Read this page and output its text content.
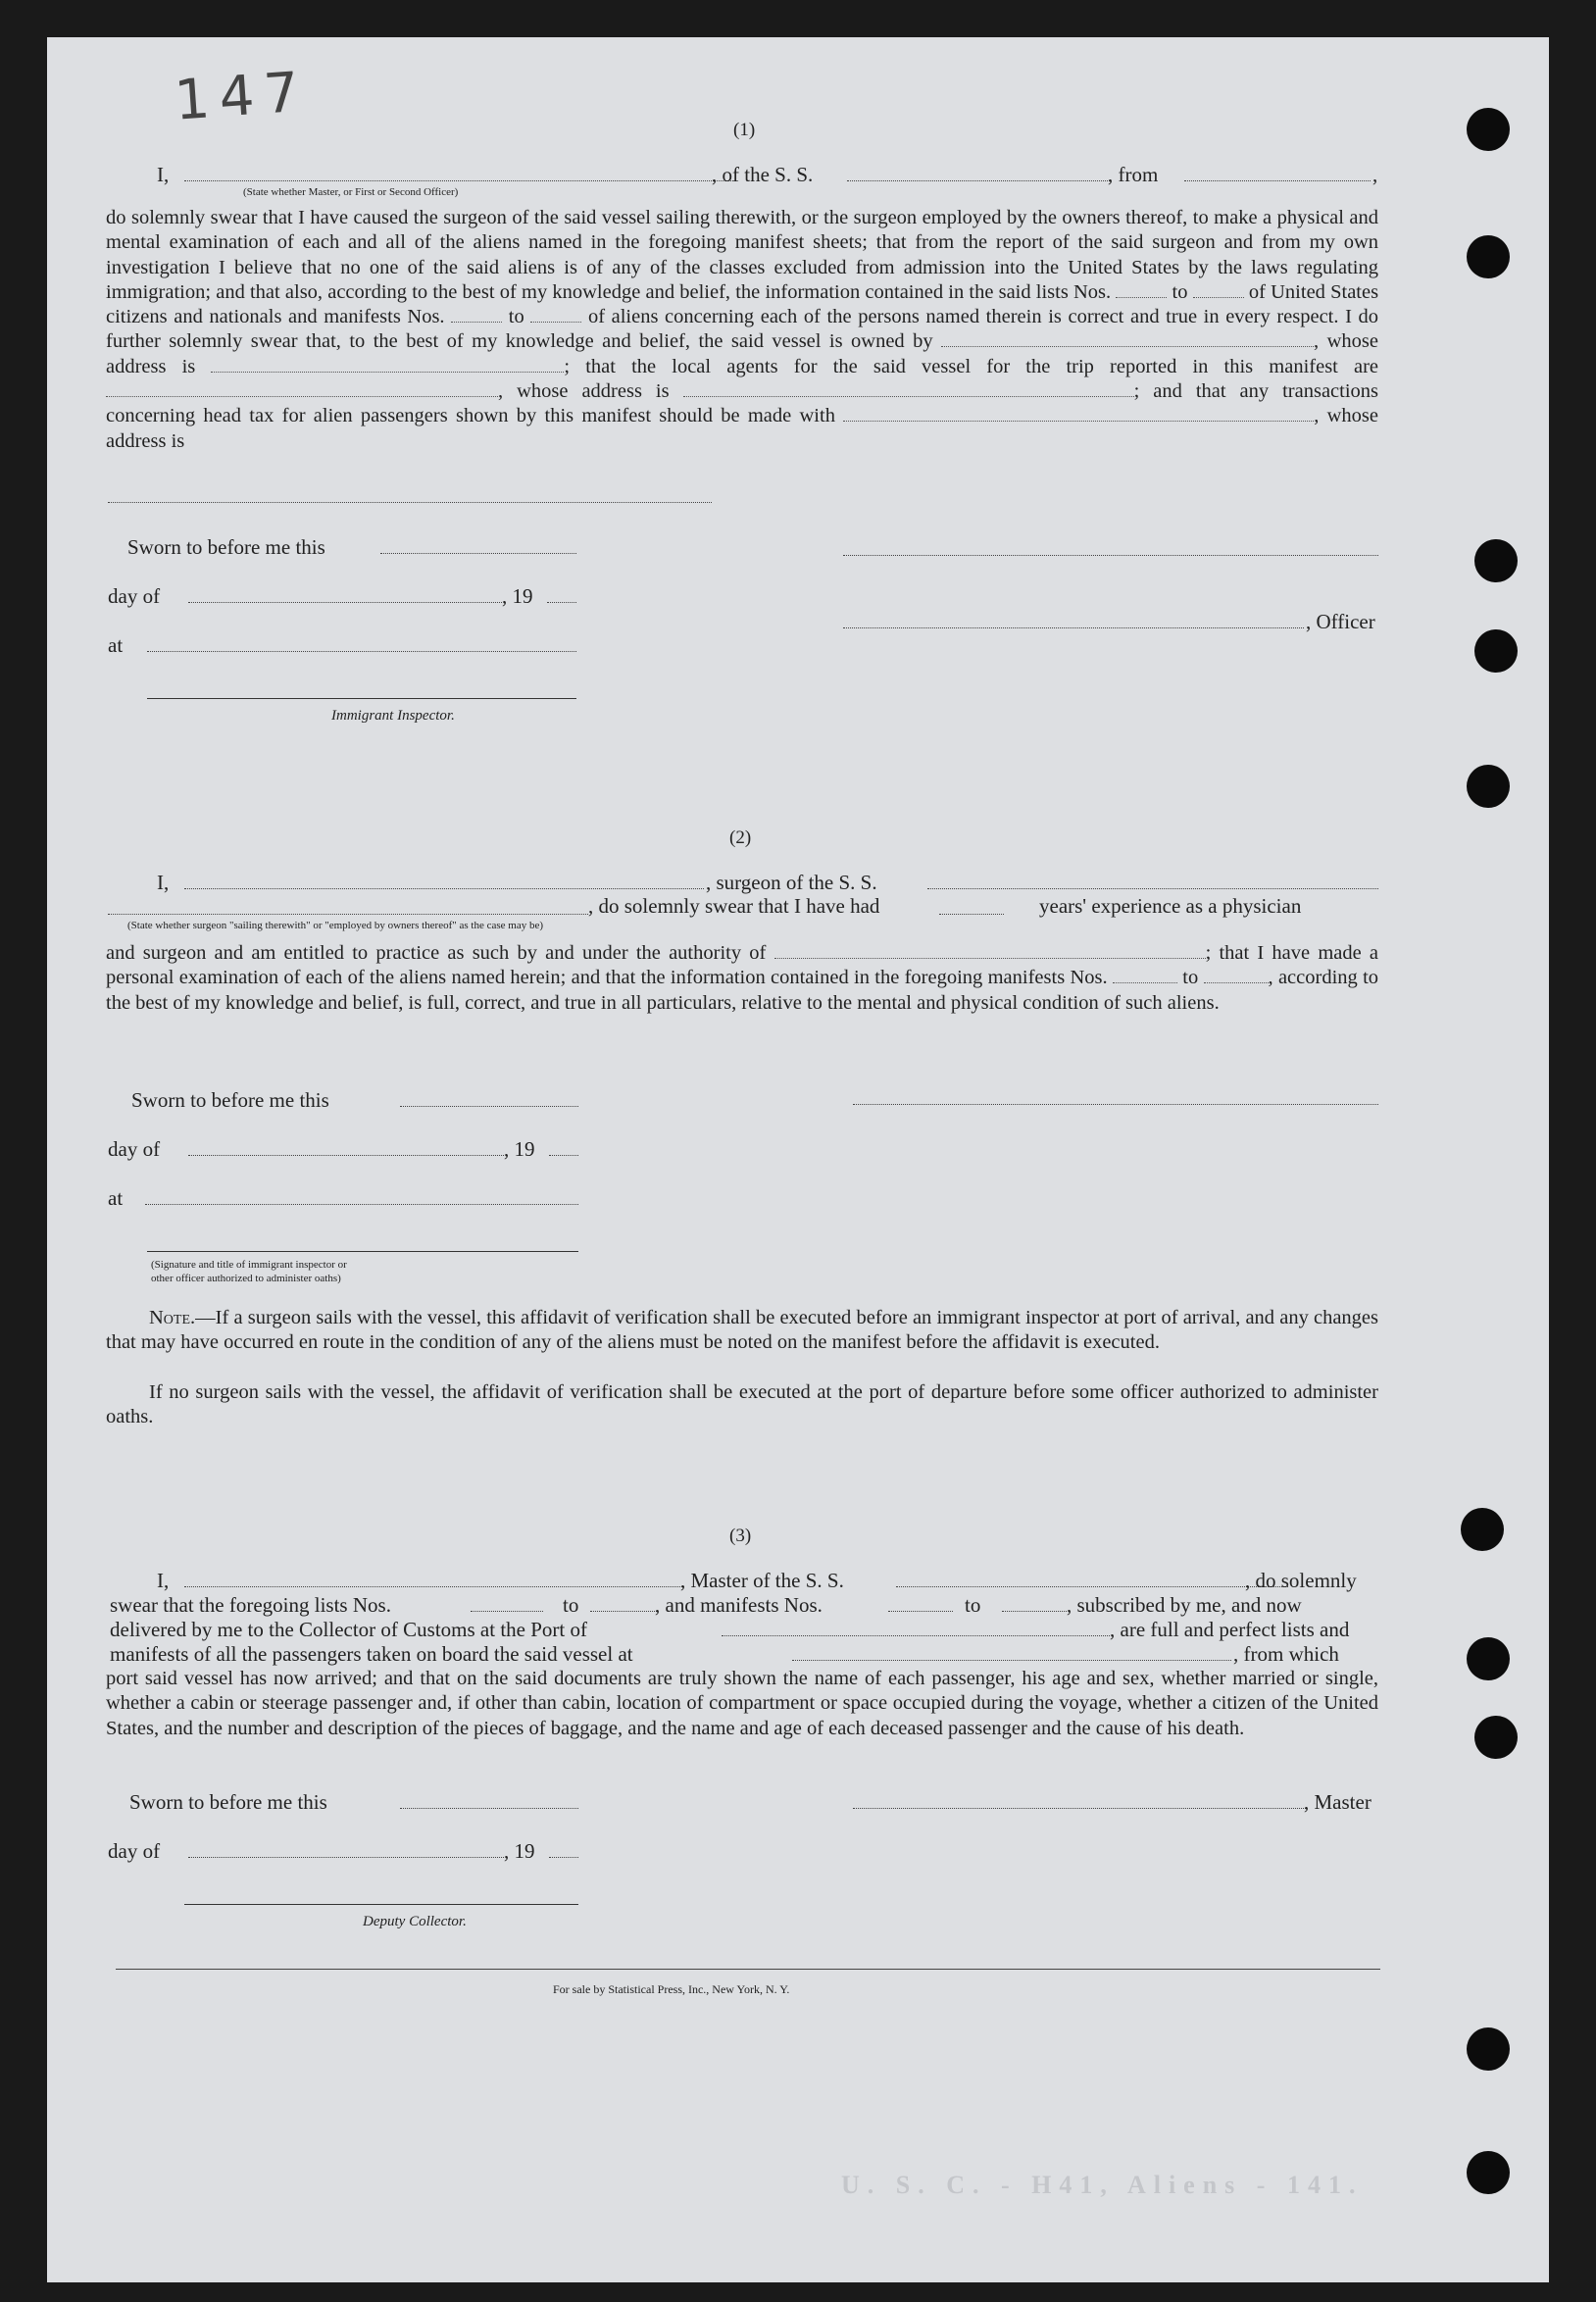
147	(1)
I,
(State whether Master, or First or Second Officer)
, of the S. S.	, from	,
do solemnly swear that I have caused the surgeon of the said vessel sailing therewith, or the surgeon employed by the owners thereof, to make a physical and mental examination of each and all of the aliens named in the foregoing manifest sheets; that from the report of the said surgeon and from my own investigation I believe that no one of the said aliens is of any of the classes excluded from admission into the United States by the laws regulating immigration; and that also, according to the best of my knowledge and belief, the information contained in the said lists Nos.	to	of United States citizens and nationals and manifests Nos.	to	of aliens concerning each of the persons named therein is correct and true in every respect. I do further solemnly swear that, to the best of my knowledge and belief, the said vessel is owned by	, whose address is	; that the local agents for the said vessel for the trip reported in this manifest are , whose address is	; and that any transactions concerning head tax for alien passengers shown by this manifest should be made with	, whose address is
Sworn to before me this
day of	, 19
at
Immigrant Inspector.
, Officer
(2)
I,	, surgeon of the S. S.
, do solemnly swear that I have had	years' experience as a physician
(State whether surgeon "sailing therewith" or "employed by owners thereof" as the case may be)
and surgeon and am entitled to practice as such by and under the authority of	; that I have made a personal examination of each of the aliens named herein; and that the information contained in the foregoing manifests Nos.	to	, according to the best of my knowledge and belief, is full, correct, and true in all particulars, relative to the mental and physical condition of such aliens.
Sworn to before me this
day of	, 19
at
(Signature and title of immigrant inspector or
other officer authorized to administer oaths)
Note.—If a surgeon sails with the vessel, this affidavit of verification shall be executed before an immigrant inspector at port of arrival, and any changes that may have occurred en route in the condition of any of the aliens must be noted on the manifest before the affidavit is executed.
If no surgeon sails with the vessel, the affidavit of verification shall be executed at the port of departure before some officer authorized to administer oaths.
(3)
I,	, Master of the S. S.	, do solemnly
swear that the foregoing lists Nos.	to	, and manifests Nos.	to	, subscribed by me, and now
delivered by me to the Collector of Customs at the Port of	, are full and perfect lists and
manifests of all the passengers taken on board the said vessel at	, from which
port said vessel has now arrived; and that on the said documents are truly shown the name of each passenger, his age and sex, whether married or single, whether a cabin or steerage passenger and, if other than cabin, location of compartment or space occupied during the voyage, whether a citizen of the United States, and the number and description of the pieces of baggage, and the name and age of each deceased passenger and the cause of his death.
Sworn to before me this	, Master
day of	, 19
Deputy Collector.
For sale by Statistical Press, Inc., New York, N. Y.
U. S. C. - H41, Aliens - 141.
